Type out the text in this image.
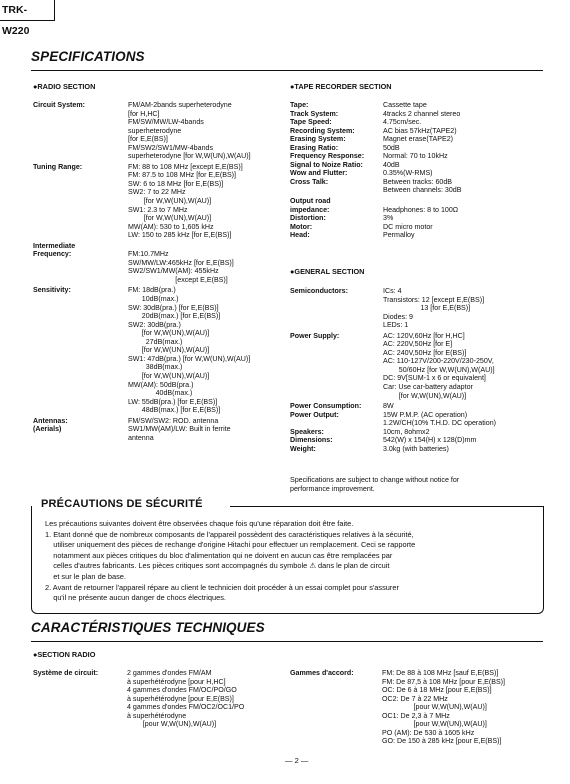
TRK-W220
SPECIFICATIONS
●RADIO SECTION
Circuit System:	FM/AM-2bands superheterodyne
[for H,HC]
FM/SW/MW/LW-4bands
superheterodyne
[for E,E(BS)]
FM/SW2/SW1/MW-4bands
superheterodyne [for W,W(UN),W(AU)]
Tuning Range:	FM: 88 to 108 MHz [except E,E(BS)]
FM: 87.5 to 108 MHz [for E,E(BS)]
SW: 6 to 18 MHz [for E,E(BS)]
SW2: 7 to 22 MHz
[for W,W(UN),W(AU)]
SW1: 2.3 to 7 MHz
[for W,W(UN),W(AU)]
MW(AM): 530 to 1,605 kHz
LW: 150 to 285 kHz [for E,E(BS)]
Intermediate
Frequency:	
FM:10.7MHz
SW/MW/LW:465kHz [for E,E(BS)]
SW2/SW1/MW(AM): 455kHz
[except E,E(BS)]
Sensitivity:	FM: 18dB(pra.)
10dB(max.)
SW: 30dB(pra.) [for E,E(BS)]
20dB(max.) [for E,E(BS)]
SW2: 30dB(pra.)
[for W,W(UN),W(AU)]
27dB(max.)
[for W,W(UN),W(AU)]
SW1: 47dB(pra.) [for W,W(UN),W(AU)]
38dB(max.)
[for W,W(UN),W(AU)]
MW(AM): 50dB(pra.)
40dB(max.)
LW: 55dB(pra.) [for E,E(BS)]
48dB(max.) [for E,E(BS)]
Antennas:
(Aerials)
FM/SW/SW2: ROD. antenna
SW1/MW(AM)/LW: Built in ferrite
antenna
●TAPE RECORDER SECTION
Tape:	Cassette tape
Track System:	4tracks 2 channel stereo
Tape Speed:	4.75cm/sec.
Recording System:	AC bias 57kHz(TAPE2)
Erasing System:	Magnet erase(TAPE2)
Erasing Ratio:	50dB
Frequency Response:	Normal: 70 to 10kHz
Signal to Noize Ratio:	40dB
Wow and Flutter:	0.35%(W-RMS)
Cross Talk:	Between tracks: 60dB
Between channels: 30dB
Output road
impedance:	
Headphones: 8 to 100Ω
Distortion:	3%
Motor:	DC micro motor
Head:	Permalloy
●GENERAL SECTION
Semiconductors:	ICs: 4
Transistors: 12 [except E,E(BS)]
13 [for E,E(BS)]
Diodes: 9
LEDs: 1
Power Supply:	AC: 120V,60Hz [for H,HC]
AC: 220V,50Hz [for E]
AC: 240V,50Hz [for E(BS)]
AC: 110-127V/200-220V/230-250V,
50/60Hz [for W,W(UN),W(AU)]
DC: 9V[SUM-1 x 6 or equivalent]
Car: Use car-battery adaptor
[for W,W(UN),W(AU)]
Power Consumption:	8W
Power Output:	15W P.M.P. (AC operation)
1.2W/CH(10% T.H.D. DC operation)
Speakers:	10cm, 8ohmx2
Dimensions:	542(W) x 154(H) x 128(D)mm
Weight:	3.0kg (with batteries)
Specifications are subject to change without notice for
performance improvement.
PRÉCAUTIONS DE SÉCURITÉ

Les précautions suivantes doivent être observées chaque fois qu'une réparation doit être faite.

1. Etant donné que de nombreux composants de l'appareil possèdent des caractéristiques relatives à la sécurité,
utiliser uniquement des pièces de rechange d'origine Hitachi pour effectuer un remplacement. Ceci se rapporte
notamment aux pièces critiques du bloc d'alimentation qui ne doivent en aucun cas être remplacées par
celles d'autres fabricants. Les pièces critiques sont accompagnés du symbole ⚠ dans le plan de circuit
et sur le plan de base.

2. Avant de retourner l'appareil répare au client le technicien doit procéder à un essai complet pour s'assurer
qu'il ne présente aucun danger de chocs électriques.

CARACTÉRISTIQUES TECHNIQUES
●SECTION RADIO
Système de circuit:	2 gammes d'ondes FM/AM
à superhétérodyne [pour H,HC]
4 gammes d'ondes FM/OC/PO/GO
à superhétérodyne [pour E,E(BS)]
4 gammes d'ondes FM/OC2/OC1/PO
à superhétérodyne
[pour W,W(UN),W(AU)]
Gammes d'accord:	FM: De 88 à 108 MHz [sauf E,E(BS)]
FM: De 87,5 à 108 MHz [pour E,E(BS)]
OC: De 6 à 18 MHz [pour E,E(BS)]
OC2: De 7 à 22 MHz
[pour W,W(UN),W(AU)]
OC1: De 2,3 à 7 MHz
[pour W,W(UN),W(AU)]
PO (AM): De 530 à 1605 kHz
GO: De 150 à 285 kHz [pour E,E(BS)]
— 2 —
